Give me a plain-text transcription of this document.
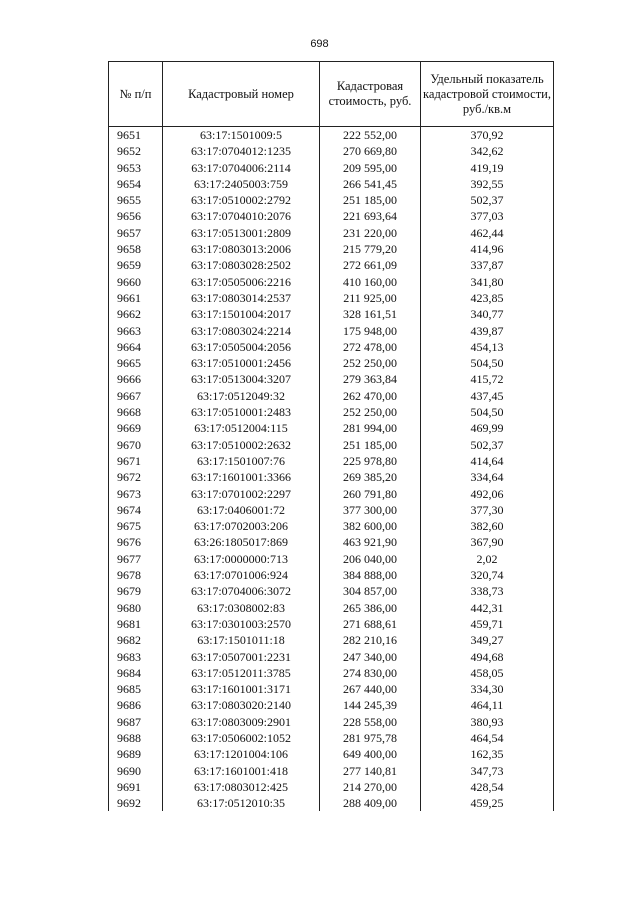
698
№ п/п	Кадастровый номер	Кадастровая стоимость, руб.	Удельный показатель кадастровой стоимости, руб./кв.м
9651	63:17:1501009:5	222 552,00	370,92
9652	63:17:0704012:1235	270 669,80	342,62
9653	63:17:0704006:2114	209 595,00	419,19
9654	63:17:2405003:759	266 541,45	392,55
9655	63:17:0510002:2792	251 185,00	502,37
9656	63:17:0704010:2076	221 693,64	377,03
9657	63:17:0513001:2809	231 220,00	462,44
9658	63:17:0803013:2006	215 779,20	414,96
9659	63:17:0803028:2502	272 661,09	337,87
9660	63:17:0505006:2216	410 160,00	341,80
9661	63:17:0803014:2537	211 925,00	423,85
9662	63:17:1501004:2017	328 161,51	340,77
9663	63:17:0803024:2214	175 948,00	439,87
9664	63:17:0505004:2056	272 478,00	454,13
9665	63:17:0510001:2456	252 250,00	504,50
9666	63:17:0513004:3207	279 363,84	415,72
9667	63:17:0512049:32	262 470,00	437,45
9668	63:17:0510001:2483	252 250,00	504,50
9669	63:17:0512004:115	281 994,00	469,99
9670	63:17:0510002:2632	251 185,00	502,37
9671	63:17:1501007:76	225 978,80	414,64
9672	63:17:1601001:3366	269 385,20	334,64
9673	63:17:0701002:2297	260 791,80	492,06
9674	63:17:0406001:72	377 300,00	377,30
9675	63:17:0702003:206	382 600,00	382,60
9676	63:26:1805017:869	463 921,90	367,90
9677	63:17:0000000:713	206 040,00	2,02
9678	63:17:0701006:924	384 888,00	320,74
9679	63:17:0704006:3072	304 857,00	338,73
9680	63:17:0308002:83	265 386,00	442,31
9681	63:17:0301003:2570	271 688,61	459,71
9682	63:17:1501011:18	282 210,16	349,27
9683	63:17:0507001:2231	247 340,00	494,68
9684	63:17:0512011:3785	274 830,00	458,05
9685	63:17:1601001:3171	267 440,00	334,30
9686	63:17:0803020:2140	144 245,39	464,11
9687	63:17:0803009:2901	228 558,00	380,93
9688	63:17:0506002:1052	281 975,78	464,54
9689	63:17:1201004:106	649 400,00	162,35
9690	63:17:1601001:418	277 140,81	347,73
9691	63:17:0803012:425	214 270,00	428,54
9692	63:17:0512010:35	288 409,00	459,25
